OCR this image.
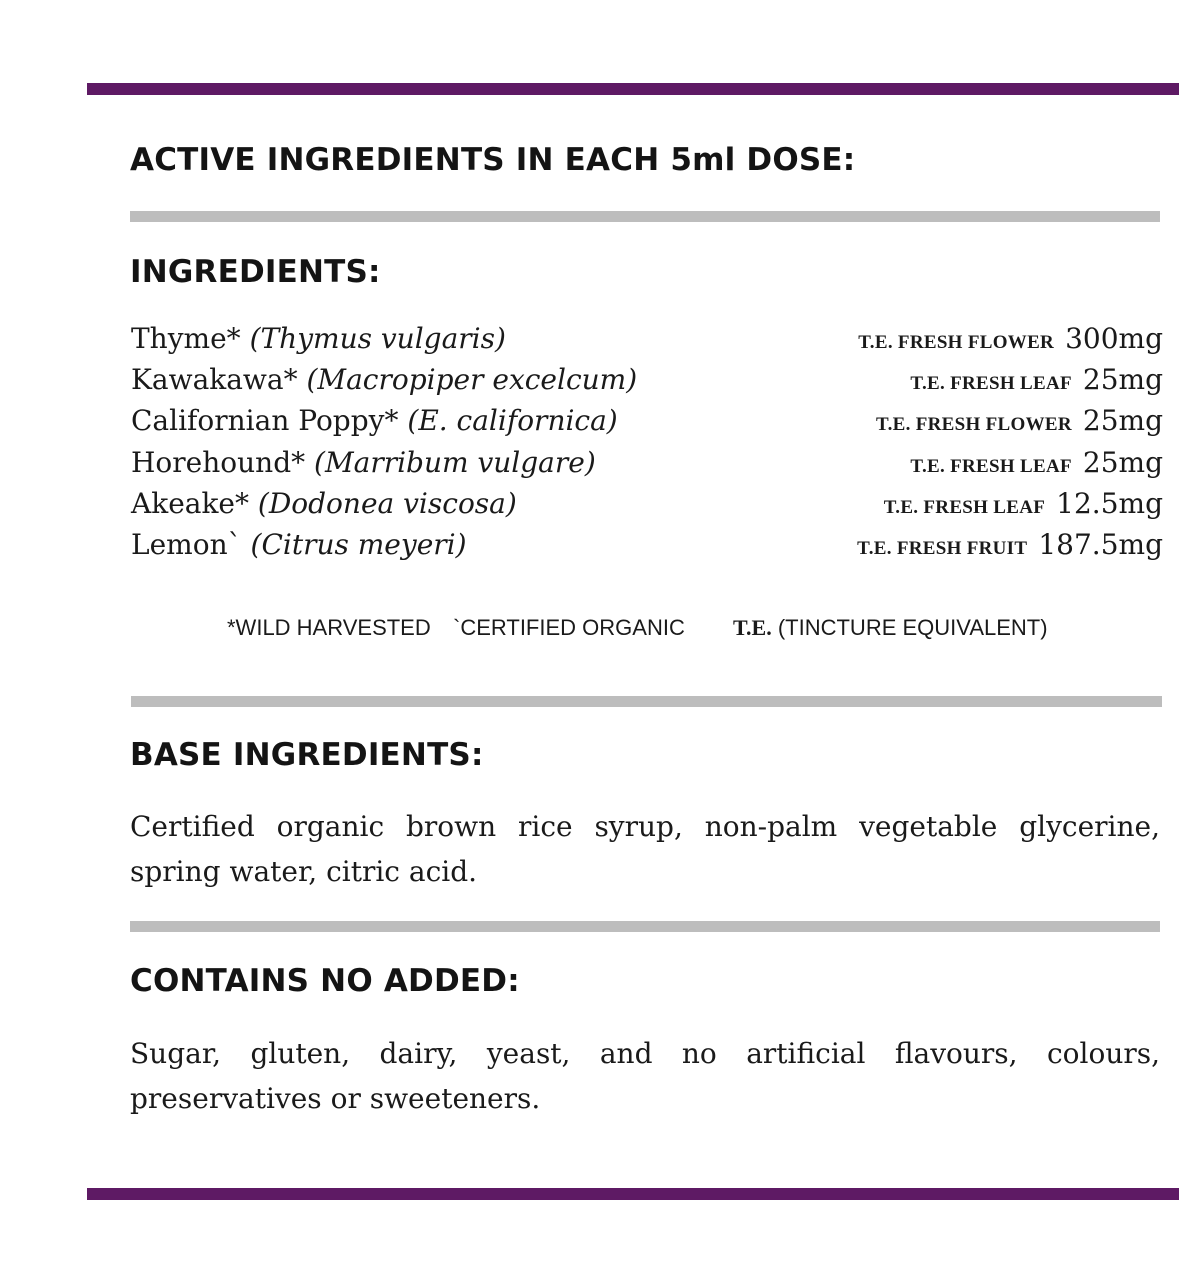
ACTIVE INGREDIENTS IN EACH 5ml DOSE:
INGREDIENTS:
Thyme* (Thymus vulgaris)	T.E. FRESH FLOWER 300mg
Kawakawa* (Macropiper excelcum)	T.E. FRESH LEAF 25mg
Californian Poppy* (E. californica)	T.E. FRESH FLOWER 25mg
Horehound* (Marribum vulgare)	T.E. FRESH LEAF 25mg
Akeake* (Dodonea viscosa)	T.E. FRESH LEAF 12.5mg
Lemon` (Citrus meyeri)	T.E. FRESH FRUIT 187.5mg
*WILD HARVESTED `CERTIFIED ORGANIC T.E. (TINCTURE EQUIVALENT)
BASE INGREDIENTS:

Certified organic brown rice syrup, non-palm vegetable glycerine, spring water, citric acid.

CONTAINS NO ADDED:

Sugar, gluten, dairy, yeast, and no artificial flavours, colours, preservatives or sweeteners.
